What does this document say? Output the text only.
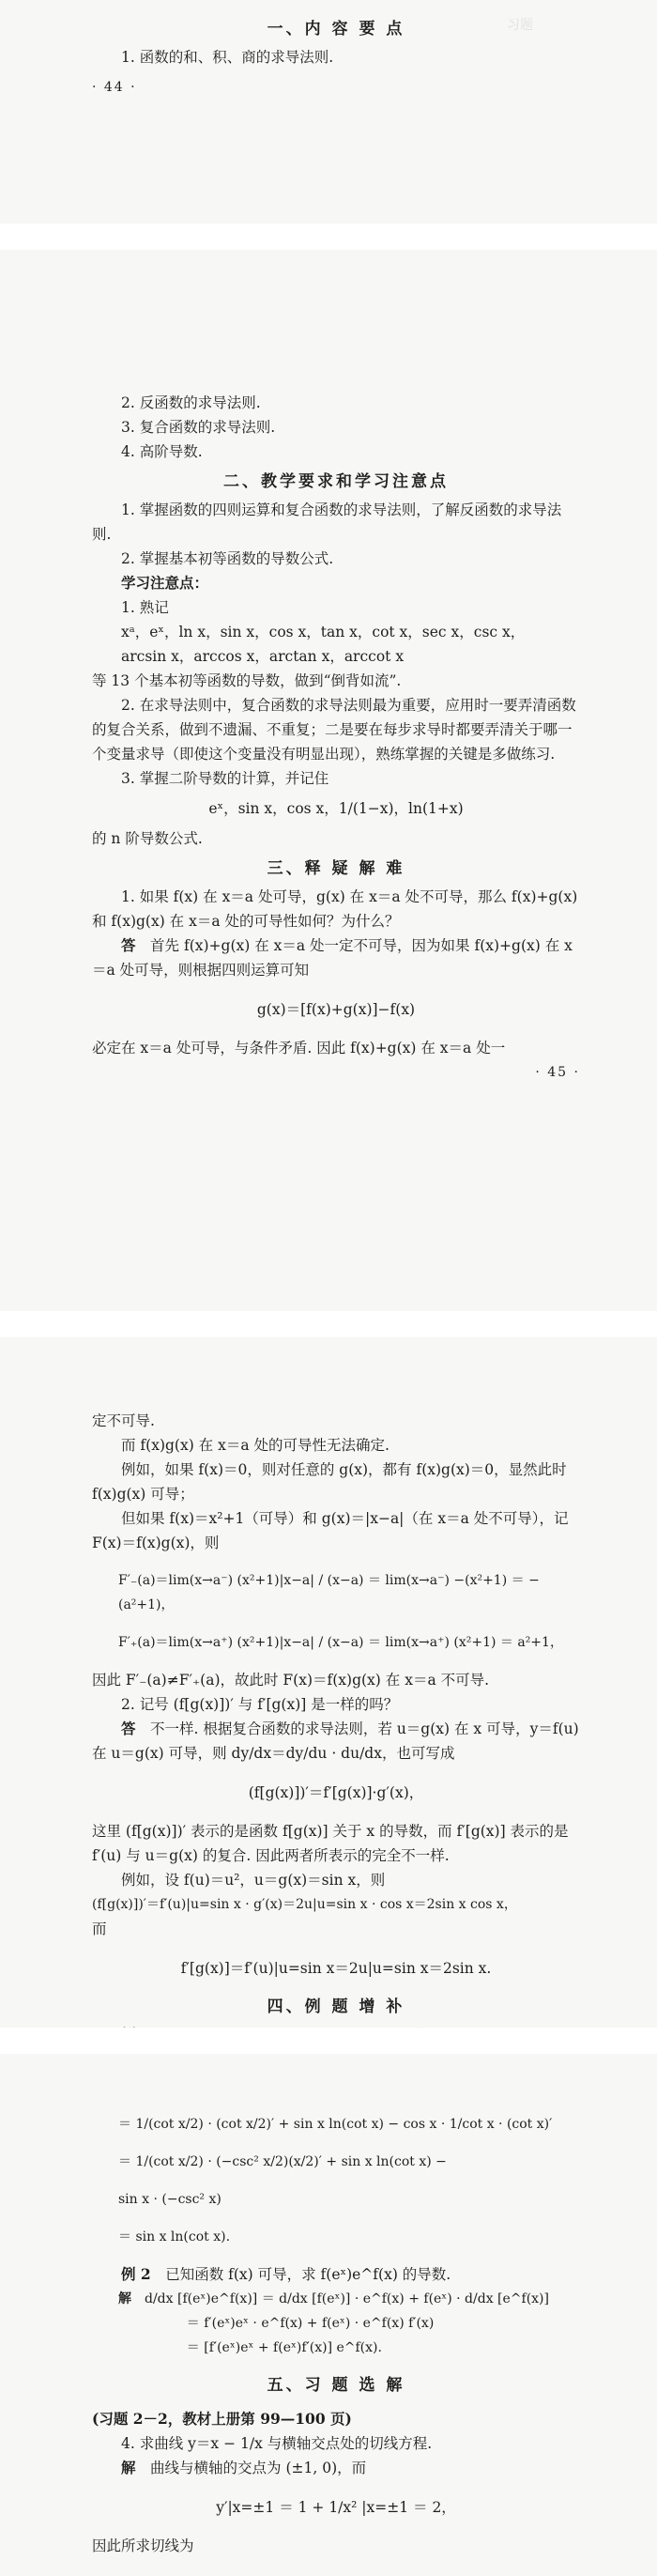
习题
一、内 容 要 点

1. 函数的和、积、商的求导法则.

· 44 ·

2. 反函数的求导法则.

3. 复合函数的求导法则.

4. 高阶导数.

二、教学要求和学习注意点

1. 掌握函数的四则运算和复合函数的求导法则，了解反函数的求导法则.

2. 掌握基本初等函数的导数公式.

学习注意点：

1. 熟记

xᵃ，eˣ，ln x，sin x，cos x，tan x，cot x，sec x，csc x，

arcsin x，arccos x，arctan x，arccot x

等 13 个基本初等函数的导数，做到“倒背如流”.

2. 在求导法则中，复合函数的求导法则最为重要，应用时一要弄清函数的复合关系，做到不遗漏、不重复；二是要在每步求导时都要弄清关于哪一个变量求导（即使这个变量没有明显出现），熟练掌握的关键是多做练习.

3. 掌握二阶导数的计算，并记住

eˣ，sin x，cos x，1/(1−x)，ln(1+x)

的 n 阶导数公式.

三、释 疑 解 难

1. 如果 f(x) 在 x＝a 处可导，g(x) 在 x＝a 处不可导，那么 f(x)+g(x) 和 f(x)g(x) 在 x＝a 处的可导性如何？为什么？

答　 首先 f(x)+g(x) 在 x＝a 处一定不可导，因为如果 f(x)+g(x) 在 x＝a 处可导，则根据四则运算可知

g(x)＝[f(x)+g(x)]−f(x)

必定在 x＝a 处可导，与条件矛盾. 因此 f(x)+g(x) 在 x＝a 处一

· 45 ·

定不可导.

而 f(x)g(x) 在 x＝a 处的可导性无法确定.

例如，如果 f(x)＝0，则对任意的 g(x)，都有 f(x)g(x)＝0，显然此时 f(x)g(x) 可导；

但如果 f(x)＝x²+1（可导）和 g(x)＝|x−a|（在 x＝a 处不可导），记 F(x)＝f(x)g(x)，则

F′₋(a)＝lim(x→a⁻) (x²+1)|x−a| / (x−a) ＝ lim(x→a⁻) −(x²+1) ＝ −(a²+1)，

F′₊(a)＝lim(x→a⁺) (x²+1)|x−a| / (x−a) ＝ lim(x→a⁺) (x²+1) ＝ a²+1，

因此 F′₋(a)≠F′₊(a)，故此时 F(x)＝f(x)g(x) 在 x＝a 不可导.

2. 记号 (f[g(x)])′ 与 f′[g(x)] 是一样的吗？

答　 不一样. 根据复合函数的求导法则，若 u＝g(x) 在 x 可导，y＝f(u) 在 u＝g(x) 可导，则 dy/dx＝dy/du · du/dx，也可写成

(f[g(x)])′＝f′[g(x)]·g′(x)，

这里 (f[g(x)])′ 表示的是函数 f[g(x)] 关于 x 的导数，而 f′[g(x)] 表示的是 f′(u) 与 u＝g(x) 的复合. 因此两者所表示的完全不一样.

例如，设 f(u)＝u²，u＝g(x)＝sin x，则

(f[g(x)])′＝f′(u)|u=sin x · g′(x)＝2u|u=sin x · cos x＝2sin x cos x，

而

f′[g(x)]＝f′(u)|u=sin x＝2u|u=sin x＝2sin x.

四、例 题 增 补

＝ 1/(cot x/2) · (cot x/2)′ + sin x ln(cot x) − cos x · 1/cot x · (cot x)′

＝ 1/(cot x/2) · (−csc² x/2)(x/2)′ + sin x ln(cot x) −

sin x · (−csc² x)

＝ sin x ln(cot x).

例 2　 已知函数 f(x) 可导，求 f(eˣ)e^f(x) 的导数.

解　 d/dx [f(eˣ)e^f(x)] ＝ d/dx [f(eˣ)] · e^f(x) + f(eˣ) · d/dx [e^f(x)]

＝ f′(eˣ)eˣ · e^f(x) + f(eˣ) · e^f(x) f′(x)

＝ [f′(eˣ)eˣ + f(eˣ)f′(x)] e^f(x).

五、习 题 选 解

(习题 2－2，教材上册第 99—100 页)

4. 求曲线 y＝x − 1/x 与横轴交点处的切线方程.

解　 曲线与横轴的交点为 (±1, 0)，而

y′|x=±1 ＝ 1 + 1/x² |x=±1 ＝ 2，

因此所求切线为
